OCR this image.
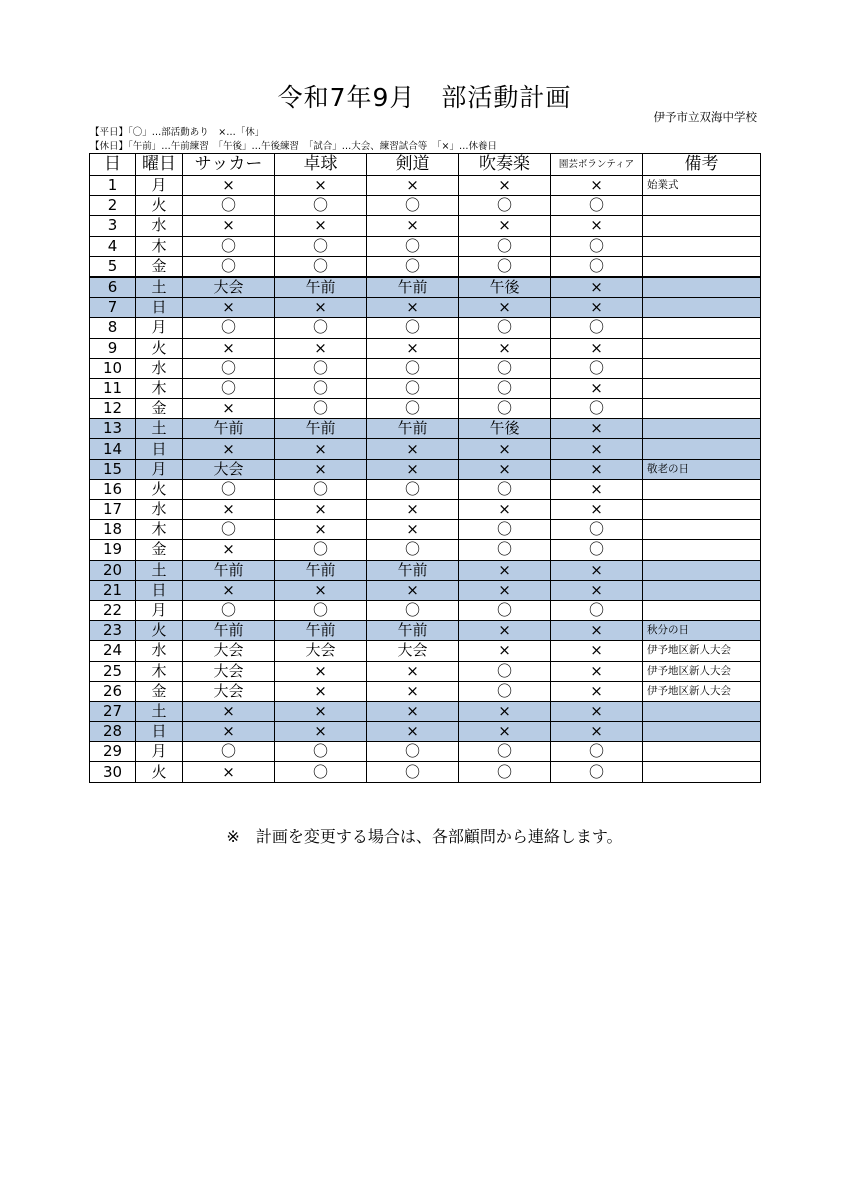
令和7年9月　部活動計画
伊予市立双海中学校
【平日】「〇」…部活動あり　×…「休」
【休日】「午前」…午前練習　「午後」…午後練習　「試合」…大会、練習試合等　「×」…休養日
日	曜日	サッカー	卓球	剣道	吹奏楽	園芸ボランティア	備考
1	月	×	×	×	×	×	始業式
2	火	〇	〇	〇	〇	〇	
3	水	×	×	×	×	×	
4	木	〇	〇	〇	〇	〇	
5	金	〇	〇	〇	〇	〇	
6	土	大会	午前	午前	午後	×	
7	日	×	×	×	×	×	
8	月	〇	〇	〇	〇	〇	
9	火	×	×	×	×	×	
10	水	〇	〇	〇	〇	〇	
11	木	〇	〇	〇	〇	×	
12	金	×	〇	〇	〇	〇	
13	土	午前	午前	午前	午後	×	
14	日	×	×	×	×	×	
15	月	大会	×	×	×	×	敬老の日
16	火	〇	〇	〇	〇	×	
17	水	×	×	×	×	×	
18	木	〇	×	×	〇	〇	
19	金	×	〇	〇	〇	〇	
20	土	午前	午前	午前	×	×	
21	日	×	×	×	×	×	
22	月	〇	〇	〇	〇	〇	
23	火	午前	午前	午前	×	×	秋分の日
24	水	大会	大会	大会	×	×	伊予地区新人大会
25	木	大会	×	×	〇	×	伊予地区新人大会
26	金	大会	×	×	〇	×	伊予地区新人大会
27	土	×	×	×	×	×	
28	日	×	×	×	×	×	
29	月	〇	〇	〇	〇	〇	
30	火	×	〇	〇	〇	〇	
※　計画を変更する場合は、各部顧問から連絡します。
